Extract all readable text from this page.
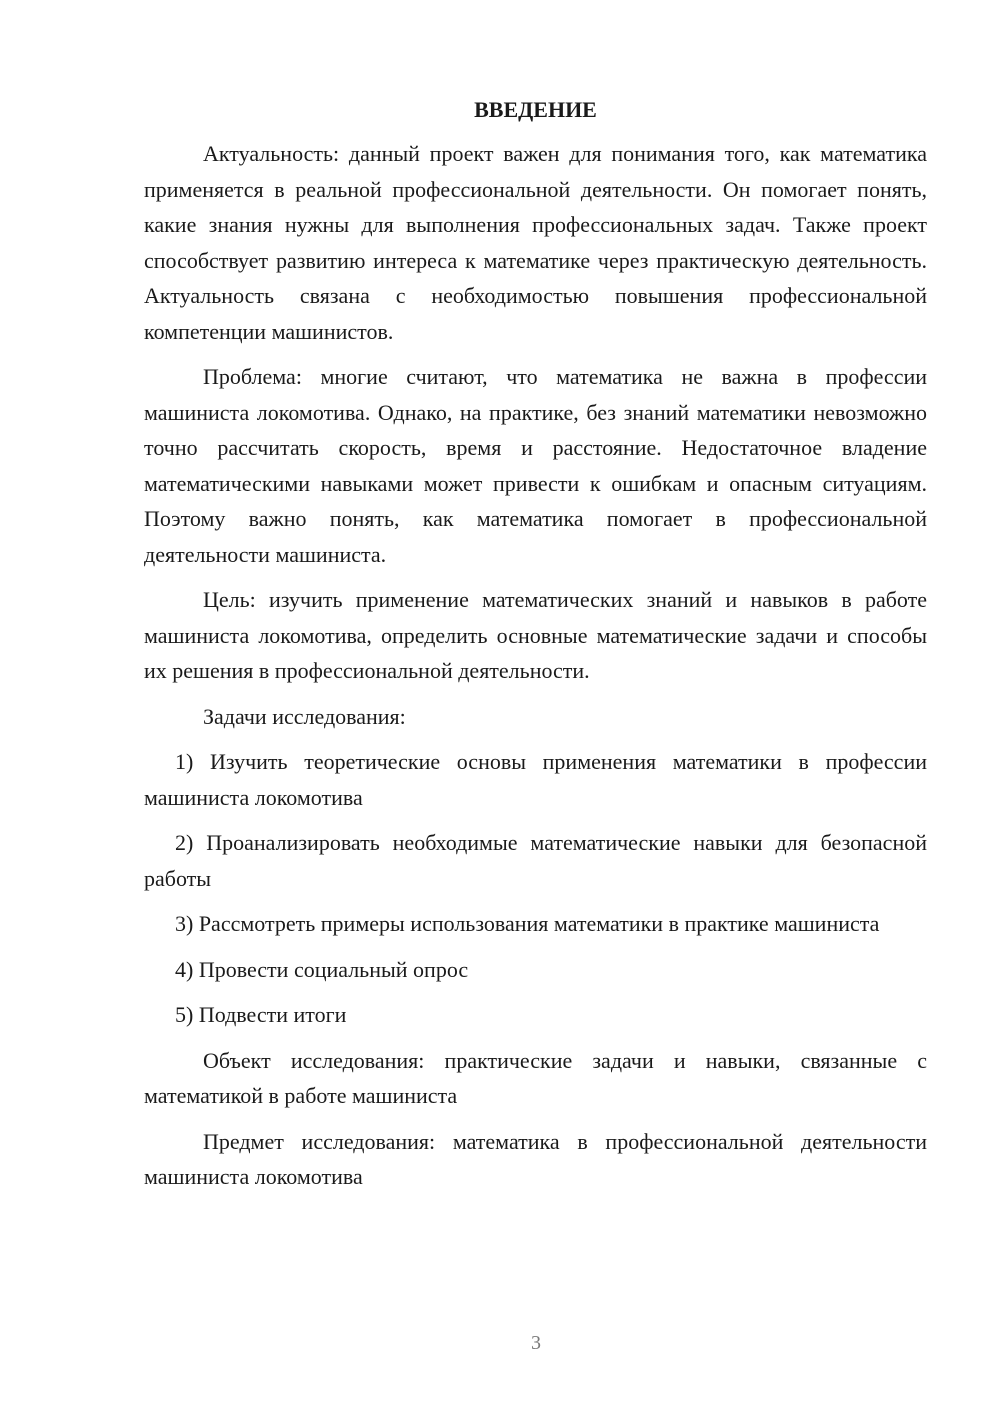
ВВЕДЕНИЕ

Актуальность: данный проект важен для понимания того, как математика применяется в реальной профессиональной деятельности. Он помогает понять, какие знания нужны для выполнения профессиональных задач. Также проект способствует развитию интереса к математике через практическую деятельность. Актуальность связана с необходимостью повышения профессиональной компетенции машинистов.

Проблема: многие считают, что математика не важна в профессии машиниста локомотива. Однако, на практике, без знаний математики невозможно точно рассчитать скорость, время и расстояние. Недостаточное владение математическими навыками может привести к ошибкам и опасным ситуациям. Поэтому важно понять, как математика помогает в профессиональной деятельности машиниста.

Цель: изучить применение математических знаний и навыков в работе машиниста локомотива, определить основные математические задачи и способы их решения в профессиональной деятельности.

Задачи исследования:

1) Изучить теоретические основы применения математики в профессии машиниста локомотива

2) Проанализировать необходимые математические навыки для безопасной работы

3) Рассмотреть примеры использования математики в практике машиниста

4) Провести социальный опрос

5) Подвести итоги

Объект исследования: практические задачи и навыки, связанные с математикой в работе машиниста

Предмет исследования: математика в профессиональной деятельности машиниста локомотива

3
